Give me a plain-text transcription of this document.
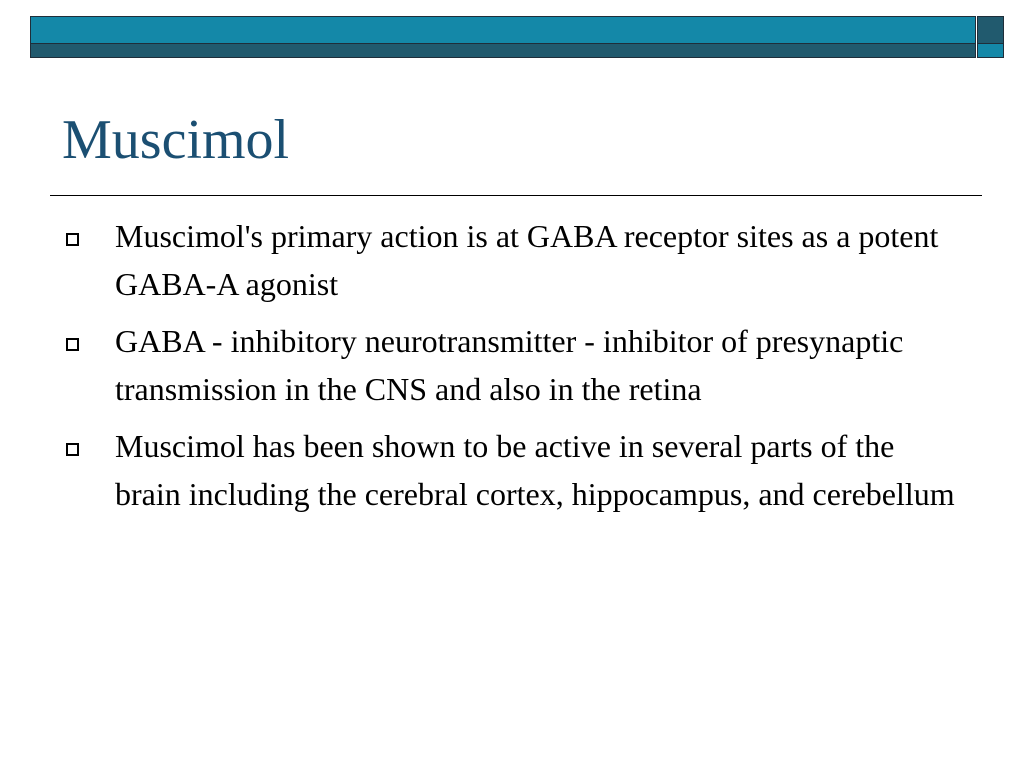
Muscimol
Muscimol's primary action is at GABA receptor sites as a potent GABA-A agonist
GABA - inhibitory neurotransmitter - inhibitor of presynaptic transmission in the CNS and also in the retina
Muscimol has been shown to be active in several parts of the brain including the cerebral cortex, hippocampus, and cerebellum
